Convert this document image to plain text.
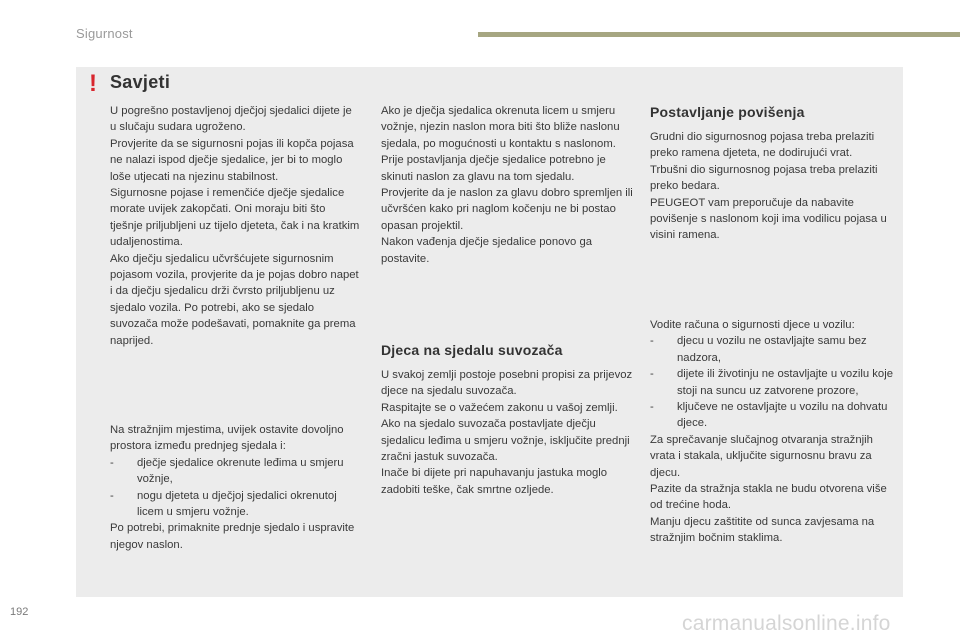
Sigurnost
! Savjeti

U pogrešno postavljenoj dječjoj sjedalici dijete je u slučaju sudara ugroženo.

Provjerite da se sigurnosni pojas ili kopča pojasa ne nalazi ispod dječje sjedalice, jer bi to moglo loše utjecati na njezinu stabilnost.

Sigurnosne pojase i remenčiće dječje sjedalice morate uvijek zakopčati. Oni moraju biti što tješnje priljubljeni uz tijelo djeteta, čak i na kratkim udaljenostima.

Ako dječju sjedalicu učvršćujete sigurnosnim pojasom vozila, provjerite da je pojas dobro napet i da dječju sjedalicu drži čvrsto priljubljenu uz sjedalo vozila. Po potrebi, ako se sjedalo suvozača može podešavati, pomaknite ga prema naprijed.

Na stražnjim mjestima, uvijek ostavite dovoljno prostora između prednjeg sjedala i:

- dječje sjedalice okrenute leđima u smjeru vožnje,
- nogu djeteta u dječjoj sjedalici okrenutoj licem u smjeru vožnje.

Po potrebi, primaknite prednje sjedalo i uspravite njegov naslon.

Ako je dječja sjedalica okrenuta licem u smjeru vožnje, njezin naslon mora biti što bliže naslonu sjedala, po mogućnosti u kontaktu s naslonom.

Prije postavljanja dječje sjedalice potrebno je skinuti naslon za glavu na tom sjedalu.

Provjerite da je naslon za glavu dobro spremljen ili učvršćen kako pri naglom kočenju ne bi postao opasan projektil.

Nakon vađenja dječje sjedalice ponovo ga postavite.

Djeca na sjedalu suvozača

U svakoj zemlji postoje posebni propisi za prijevoz djece na sjedalu suvozača.

Raspitajte se o važećem zakonu u vašoj zemlji.

Ako na sjedalo suvozača postavljate dječju sjedalicu leđima u smjeru vožnje, isključite prednji zračni jastuk suvozača.

Inače bi dijete pri napuhavanju jastuka moglo zadobiti teške, čak smrtne ozljede.

Postavljanje povišenja

Grudni dio sigurnosnog pojasa treba prelaziti preko ramena djeteta, ne dodirujući vrat.

Trbušni dio sigurnosnog pojasa treba prelaziti preko bedara.

PEUGEOT vam preporučuje da nabavite povišenje s naslonom koji ima vodilicu pojasa u visini ramena.

Vodite računa o sigurnosti djece u vozilu:

- djecu u vozilu ne ostavljajte samu bez nadzora,
- dijete ili životinju ne ostavljajte u vozilu koje stoji na suncu uz zatvorene prozore,
- ključeve ne ostavljajte u vozilu na dohvatu djece.

Za sprečavanje slučajnog otvaranja stražnjih vrata i stakala, uključite sigurnosnu bravu za djecu.

Pazite da stražnja stakla ne budu otvorena više od trećine hoda.

Manju djecu zaštitite od sunca zavjesama na stražnjim bočnim staklima.

192	carmanualsonline.info
